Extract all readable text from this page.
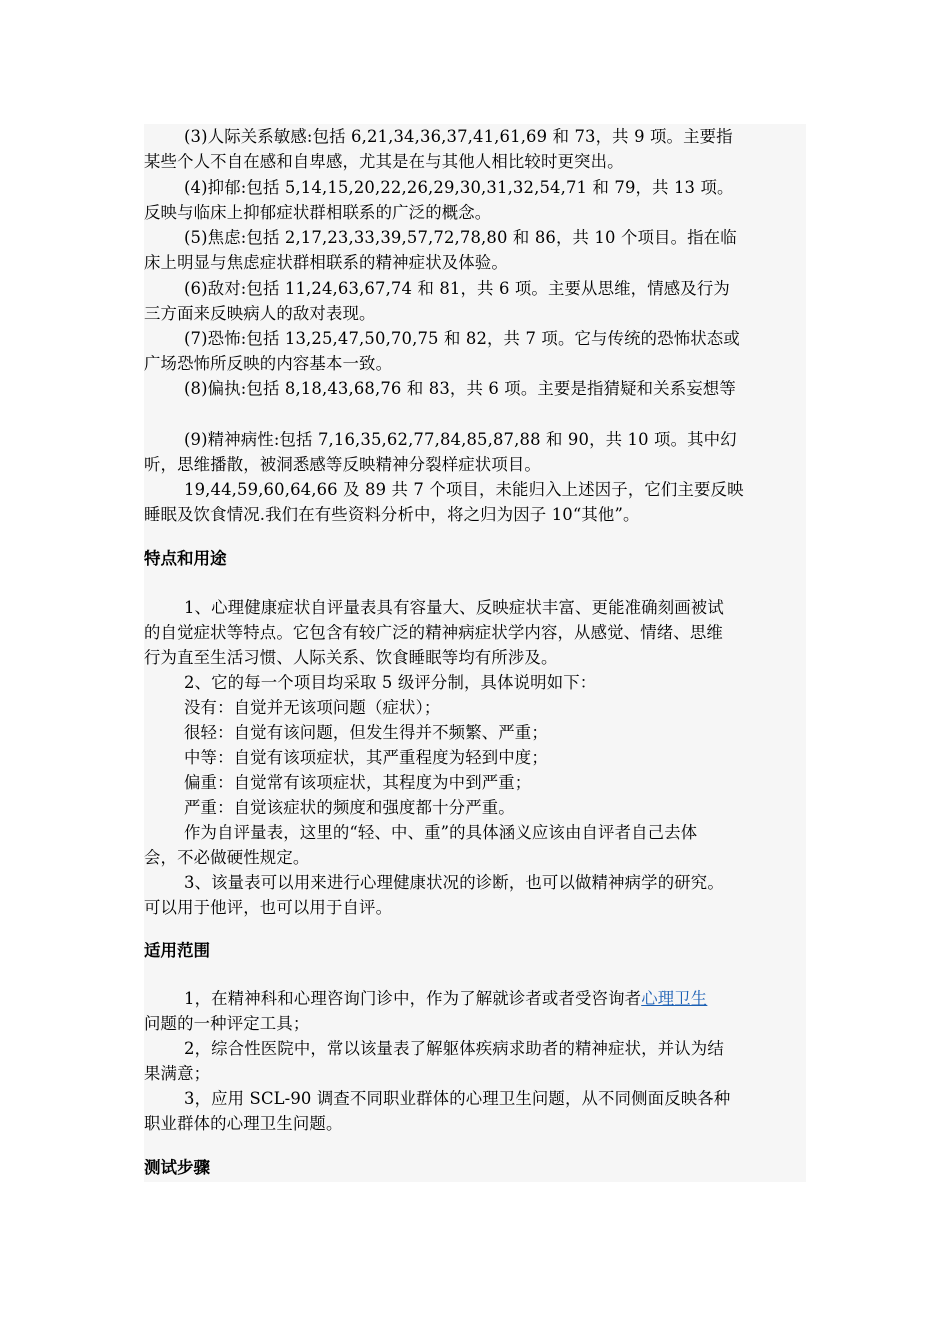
(3)人际关系敏感:包括 6,21,34,36,37,41,61,69 和 73，共 9 项。主要指
某些个人不自在感和自卑感，尤其是在与其他人相比较时更突出。
(4)抑郁:包括 5,14,15,20,22,26,29,30,31,32,54,71 和 79，共 13 项。
反映与临床上抑郁症状群相联系的广泛的概念。
(5)焦虑:包括 2,17,23,33,39,57,72,78,80 和 86，共 10 个项目。指在临
床上明显与焦虑症状群相联系的精神症状及体验。
(6)敌对:包括 11,24,63,67,74 和 81，共 6 项。主要从思维，情感及行为
三方面来反映病人的敌对表现。
(7)恐怖:包括 13,25,47,50,70,75 和 82，共 7 项。它与传统的恐怖状态或
广场恐怖所反映的内容基本一致。
(8)偏执:包括 8,18,43,68,76 和 83，共 6 项。主要是指猜疑和关系妄想等
(9)精神病性:包括 7,16,35,62,77,84,85,87,88 和 90，共 10 项。其中幻
听，思维播散，被洞悉感等反映精神分裂样症状项目。
19,44,59,60,64,66 及 89 共 7 个项目，未能归入上述因子，它们主要反映
睡眠及饮食情况.我们在有些资料分析中，将之归为因子 10“其他”。
特点和用途
1、心理健康症状自评量表具有容量大、反映症状丰富、更能准确刻画被试
的自觉症状等特点。它包含有较广泛的精神病症状学内容，从感觉、情绪、思维
行为直至生活习惯、人际关系、饮食睡眠等均有所涉及。
2、它的每一个项目均采取 5 级评分制，具体说明如下：
没有：自觉并无该项问题（症状）；
很轻：自觉有该问题，但发生得并不频繁、严重；
中等：自觉有该项症状，其严重程度为轻到中度；
偏重：自觉常有该项症状，其程度为中到严重；
严重：自觉该症状的频度和强度都十分严重。
作为自评量表，这里的“轻、中、重”的具体涵义应该由自评者自己去体
会，不必做硬性规定。
3、该量表可以用来进行心理健康状况的诊断，也可以做精神病学的研究。
可以用于他评，也可以用于自评。
适用范围
1，在精神科和心理咨询门诊中，作为了解就诊者或者受咨询者心理卫生
问题的一种评定工具；
2，综合性医院中，常以该量表了解躯体疾病求助者的精神症状，并认为结
果满意；
3，应用 SCL-90 调查不同职业群体的心理卫生问题，从不同侧面反映各种
职业群体的心理卫生问题。
测试步骤
